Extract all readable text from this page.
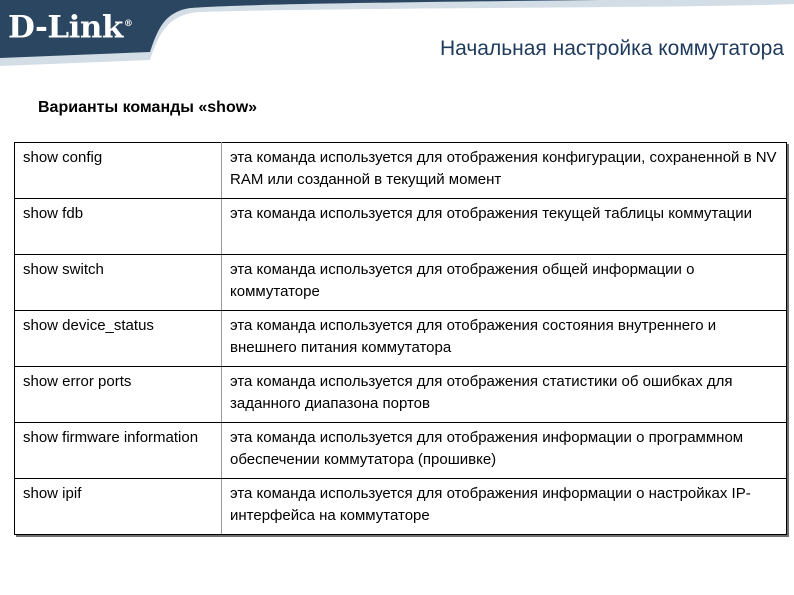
D-Link®
Начальная настройка коммутатора
Варианты команды «show»
show config	эта команда используется для отображения конфигурации, сохраненной в NV RAM или созданной в текущий момент
show fdb	эта команда используется для отображения текущей таблицы коммутации
show switch	эта команда используется для отображения общей информации о коммутаторе
show device_status	эта команда используется для отображения состояния внутреннего и внешнего питания коммутатора
show error ports	эта команда используется для отображения статистики об ошибках для заданного диапазона портов
show firmware information	эта команда используется для отображения информации о программном обеспечении коммутатора (прошивке)
show ipif	эта команда используется для отображения информации о настройках IP-интерфейса на коммутаторе
